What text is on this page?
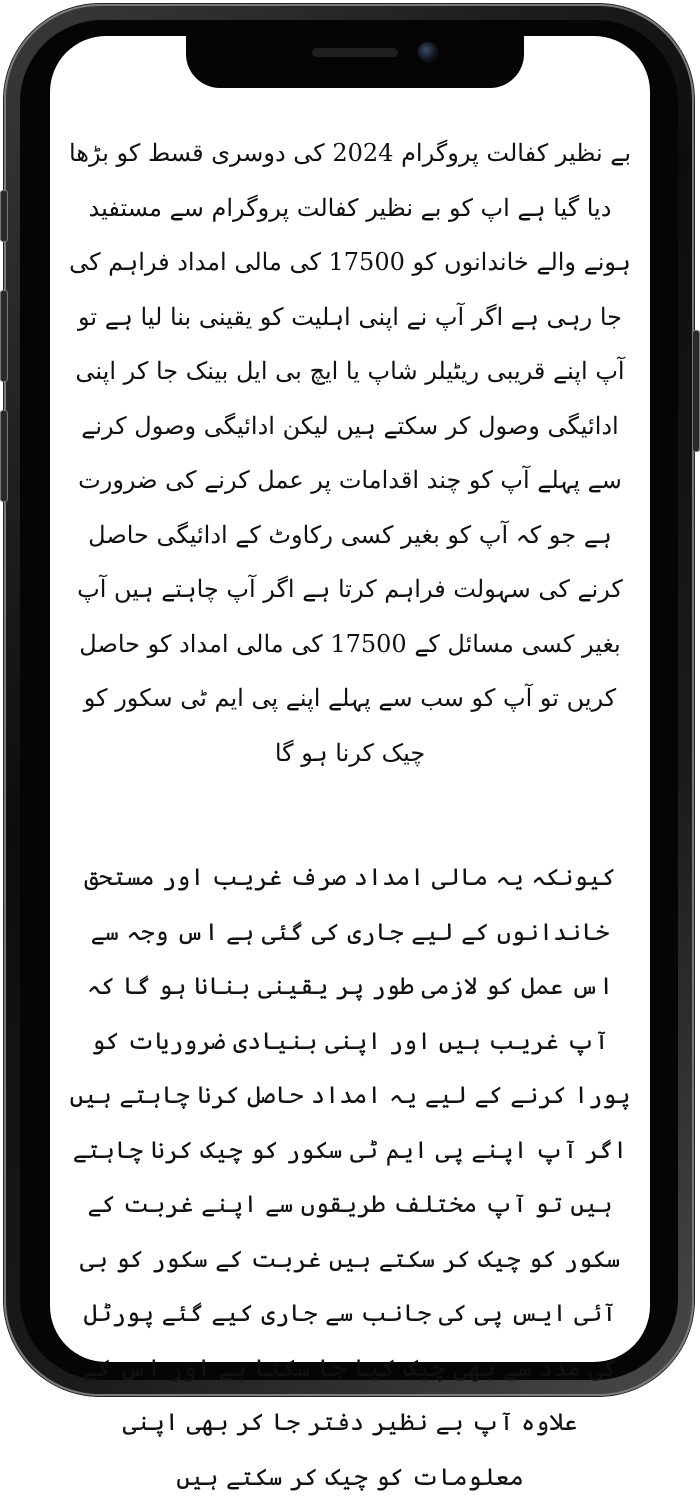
بے نظیر کفالت پروگرام 2024 کی دوسری قسط کو بڑھا دیا گیا ہے اپ کو بے نظیر کفالت پروگرام سے مستفید ہونے والے خاندانوں کو 17500 کی مالی امداد فراہم کی جا رہی ہے اگر آپ نے اپنی اہلیت کو یقینی بنا لیا ہے تو آپ اپنے قریبی ریٹیلر شاپ یا ایچ بی ایل بینک جا کر اپنی ادائیگی وصول کر سکتے ہیں لیکن ادائیگی وصول کرنے سے پہلے آپ کو چند اقدامات پر عمل کرنے کی ضرورت ہے جو کہ آپ کو بغیر کسی رکاوٹ کے ادائیگی حاصل کرنے کی سہولت فراہم کرتا ہے اگر آپ چاہتے ہیں آپ بغیر کسی مسائل کے 17500 کی مالی امداد کو حاصل کریں تو آپ کو سب سے پہلے اپنے پی ایم ٹی سکور کو چیک کرنا ہو گا

کیونکہ یہ مالی امداد صرف غریب اور مستحق خاندانوں کے لیے جاری کی گئی ہے اس وجہ سے اس عمل کو لازمی طور پر یقینی بنانا ہو گا کہ آپ غریب ہیں اور اپنی بنیادی ضروریات کو پورا کرنے کے لیے یہ امداد حاصل کرنا چاہتے ہیں اگر آپ اپنے پی ایم ٹی سکور کو چیک کرنا چاہتے ہیں تو آپ مختلف طریقوں سے اپنے غربت کے سکور کو چیک کر سکتے ہیں غربت کے سکور کو بی آئی ایس پی کی جانب سے جاری کیے گئے پورٹل کی مدد سے بھی چیک کیا جا سکتا ہے اور اس کے علاوہ آپ بے نظیر دفتر جا کر بھی اپنی معلومات کو چیک کر سکتے ہیں
